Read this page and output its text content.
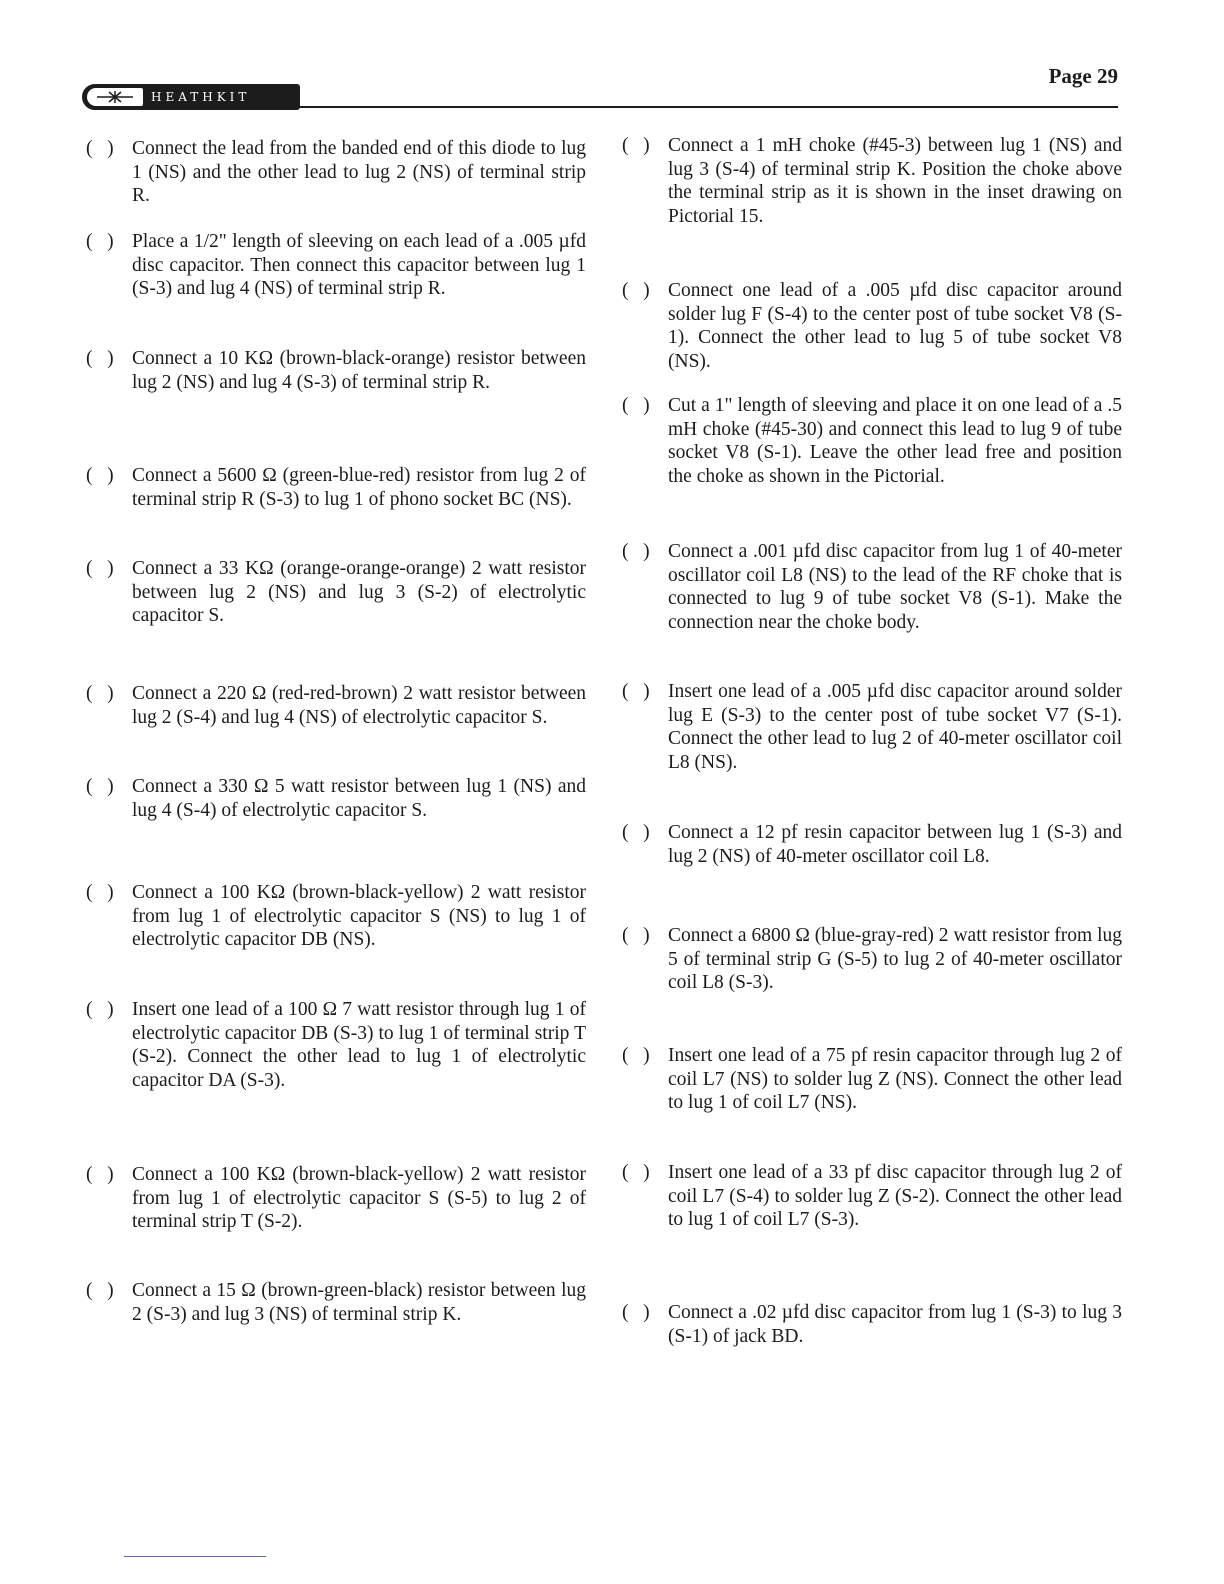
HEATHKIT
Page 29
(   ) Connect the lead from the banded end of this diode to lug 1 (NS) and the other lead to lug 2 (NS) of terminal strip R.
(   ) Place a 1/2" length of sleeving on each lead of a .005 µfd disc capacitor. Then connect this capacitor between lug 1 (S-3) and lug 4 (NS) of terminal strip R.
(   ) Connect a 10 KΩ (brown-black-orange) resistor between lug 2 (NS) and lug 4 (S-3) of terminal strip R.
(   ) Connect a 5600 Ω (green-blue-red) resistor from lug 2 of terminal strip R (S-3) to lug 1 of phono socket BC (NS).
(   ) Connect a 33 KΩ (orange-orange-orange) 2 watt resistor between lug 2 (NS) and lug 3 (S-2) of electrolytic capacitor S.
(   ) Connect a 220 Ω (red-red-brown) 2 watt resistor between lug 2 (S-4) and lug 4 (NS) of electrolytic capacitor S.
(   ) Connect a 330 Ω 5 watt resistor between lug 1 (NS) and lug 4 (S-4) of electrolytic capacitor S.
(   ) Connect a 100 KΩ (brown-black-yellow) 2 watt resistor from lug 1 of electrolytic capacitor S (NS) to lug 1 of electrolytic capacitor DB (NS).
(   ) Insert one lead of a 100 Ω 7 watt resistor through lug 1 of electrolytic capacitor DB (S-3) to lug 1 of terminal strip T (S-2). Connect the other lead to lug 1 of electrolytic capacitor DA (S-3).
(   ) Connect a 100 KΩ (brown-black-yellow) 2 watt resistor from lug 1 of electrolytic capacitor S (S-5) to lug 2 of terminal strip T (S-2).
(   ) Connect a 15 Ω (brown-green-black) resistor between lug 2 (S-3) and lug 3 (NS) of terminal strip K.
(   ) Connect a 1 mH choke (#45-3) between lug 1 (NS) and lug 3 (S-4) of terminal strip K. Position the choke above the terminal strip as it is shown in the inset drawing on Pictorial 15.
(   ) Connect one lead of a .005 µfd disc capacitor around solder lug F (S-4) to the center post of tube socket V8 (S-1). Connect the other lead to lug 5 of tube socket V8 (NS).
(   ) Cut a 1" length of sleeving and place it on one lead of a .5 mH choke (#45-30) and connect this lead to lug 9 of tube socket V8 (S-1). Leave the other lead free and position the choke as shown in the Pictorial.
(   ) Connect a .001 µfd disc capacitor from lug 1 of 40-meter oscillator coil L8 (NS) to the lead of the RF choke that is connected to lug 9 of tube socket V8 (S-1). Make the connection near the choke body.
(   ) Insert one lead of a .005 µfd disc capacitor around solder lug E (S-3) to the center post of tube socket V7 (S-1). Connect the other lead to lug 2 of 40-meter oscillator coil L8 (NS).
(   ) Connect a 12 pf resin capacitor between lug 1 (S-3) and lug 2 (NS) of 40-meter oscillator coil L8.
(   ) Connect a 6800 Ω (blue-gray-red) 2 watt resistor from lug 5 of terminal strip G (S-5) to lug 2 of 40-meter oscillator coil L8 (S-3).
(   ) Insert one lead of a 75 pf resin capacitor through lug 2 of coil L7 (NS) to solder lug Z (NS). Connect the other lead to lug 1 of coil L7 (NS).
(   ) Insert one lead of a 33 pf disc capacitor through lug 2 of coil L7 (S-4) to solder lug Z (S-2). Connect the other lead to lug 1 of coil L7 (S-3).
(   ) Connect a .02 µfd disc capacitor from lug 1 (S-3) to lug 3 (S-1) of jack BD.
